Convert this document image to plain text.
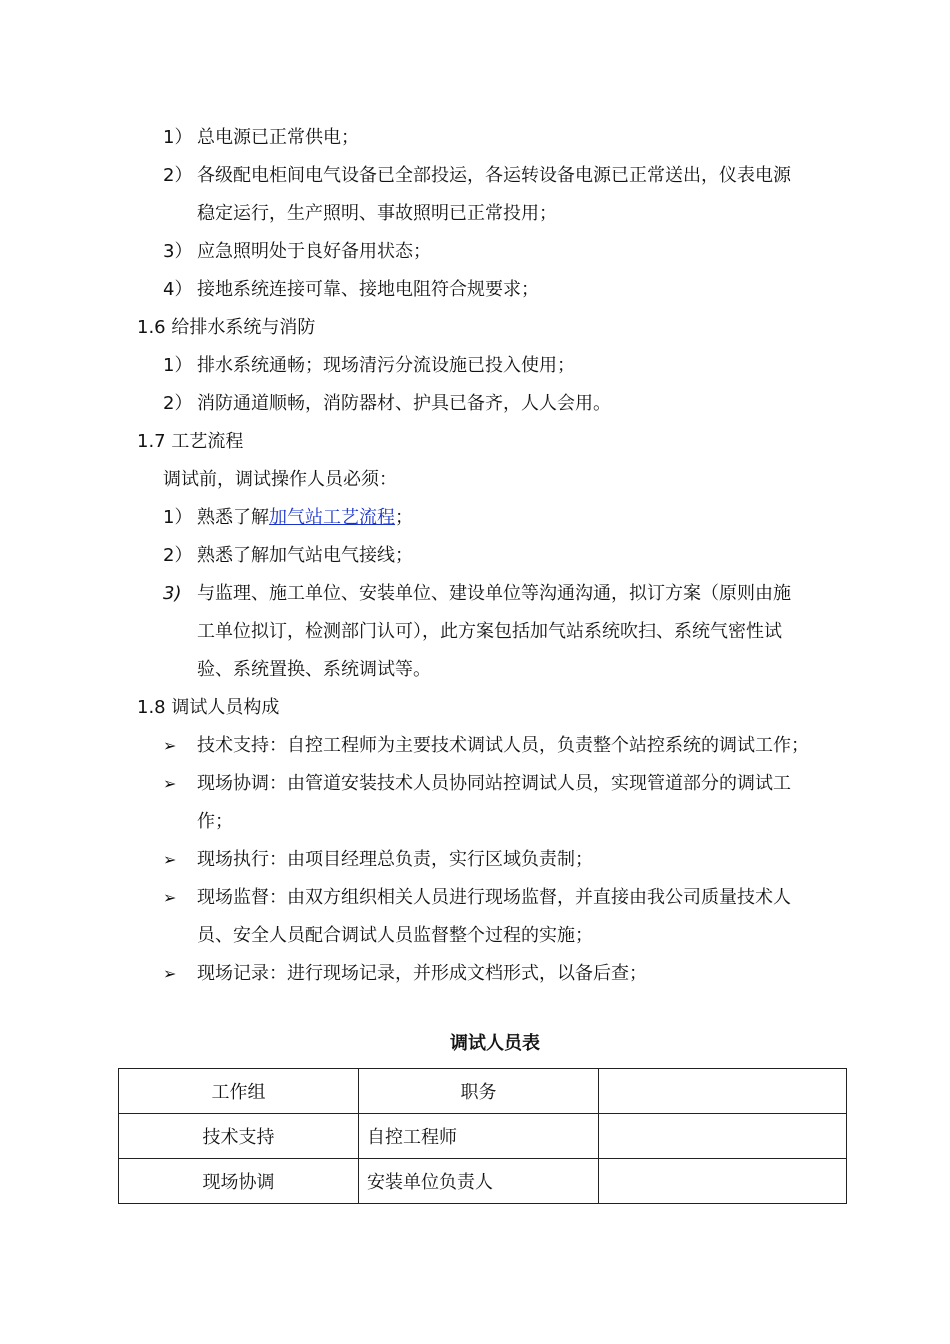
1） 总电源已正常供电；
2） 各级配电柜间电气设备已全部投运，各运转设备电源已正常送出，仪表电源
稳定运行，生产照明、事故照明已正常投用；
3） 应急照明处于良好备用状态；
4） 接地系统连接可靠、接地电阻符合规要求；
1.6 给排水系统与消防
1） 排水系统通畅；现场清污分流设施已投入使用；
2） 消防通道顺畅，消防器材、护具已备齐，人人会用。
1.7 工艺流程
调试前，调试操作人员必须：
1） 熟悉了解加气站工艺流程；
2） 熟悉了解加气站电气接线；
3) 与监理、施工单位、安装单位、建设单位等沟通沟通，拟订方案（原则由施
工单位拟订，检测部门认可），此方案包括加气站系统吹扫、系统气密性试
验、系统置换、系统调试等。
1.8 调试人员构成
➢ 技术支持：自控工程师为主要技术调试人员，负责整个站控系统的调试工作；
➢ 现场协调：由管道安装技术人员协同站控调试人员，实现管道部分的调试工
作；
➢ 现场执行：由项目经理总负责，实行区域负责制；
➢ 现场监督：由双方组织相关人员进行现场监督，并直接由我公司质量技术人
员、安全人员配合调试人员监督整个过程的实施；
➢ 现场记录：进行现场记录，并形成文档形式，以备后查；
调试人员表
工作组	职务	
技术支持	自控工程师	
现场协调	安装单位负责人	
